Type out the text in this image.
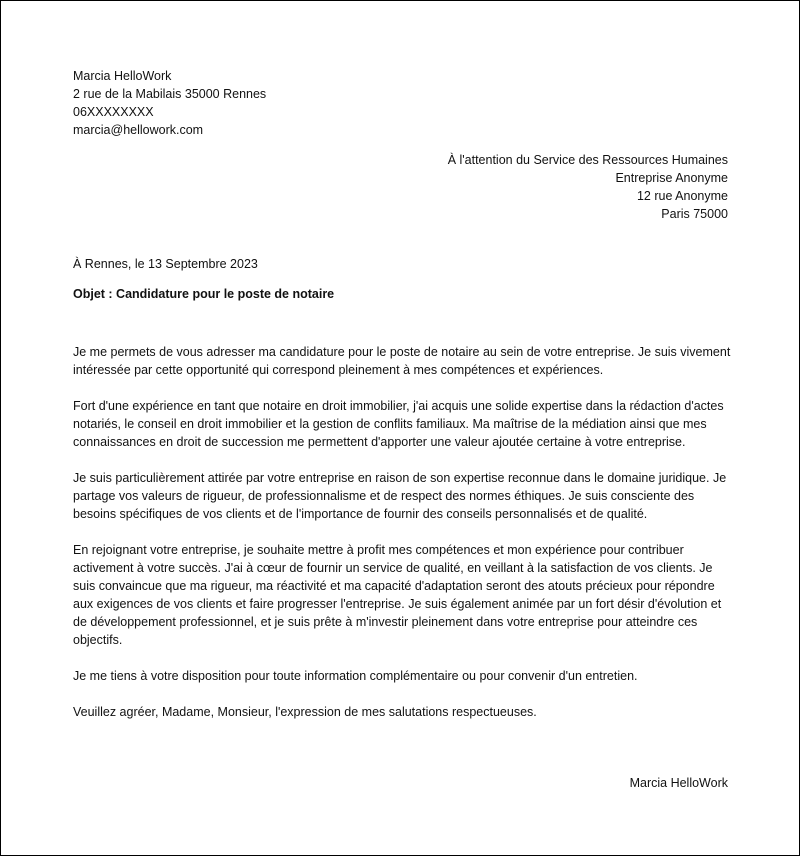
Marcia HelloWork
2 rue de la Mabilais 35000 Rennes
06XXXXXXXX
marcia@hellowork.com
À l'attention du Service des Ressources Humaines
Entreprise Anonyme
12 rue Anonyme
Paris 75000
À Rennes, le 13 Septembre 2023
Objet : Candidature pour le poste de notaire

Je me permets de vous adresser ma candidature pour le poste de notaire au sein de votre entreprise. Je suis vivement intéressée par cette opportunité qui correspond pleinement à mes compétences et expériences.

Fort d'une expérience en tant que notaire en droit immobilier, j'ai acquis une solide expertise dans la rédaction d'actes notariés, le conseil en droit immobilier et la gestion de conflits familiaux. Ma maîtrise de la médiation ainsi que mes connaissances en droit de succession me permettent d'apporter une valeur ajoutée certaine à votre entreprise.

Je suis particulièrement attirée par votre entreprise en raison de son expertise reconnue dans le domaine juridique. Je partage vos valeurs de rigueur, de professionnalisme et de respect des normes éthiques. Je suis consciente des besoins spécifiques de vos clients et de l'importance de fournir des conseils personnalisés et de qualité.

En rejoignant votre entreprise, je souhaite mettre à profit mes compétences et mon expérience pour contribuer activement à votre succès. J'ai à cœur de fournir un service de qualité, en veillant à la satisfaction de vos clients. Je suis convaincue que ma rigueur, ma réactivité et ma capacité d'adaptation seront des atouts précieux pour répondre aux exigences de vos clients et faire progresser l'entreprise. Je suis également animée par un fort désir d'évolution et de développement professionnel, et je suis prête à m'investir pleinement dans votre entreprise pour atteindre ces objectifs.

Je me tiens à votre disposition pour toute information complémentaire ou pour convenir d'un entretien.

Veuillez agréer, Madame, Monsieur, l'expression de mes salutations respectueuses.

Marcia HelloWork
